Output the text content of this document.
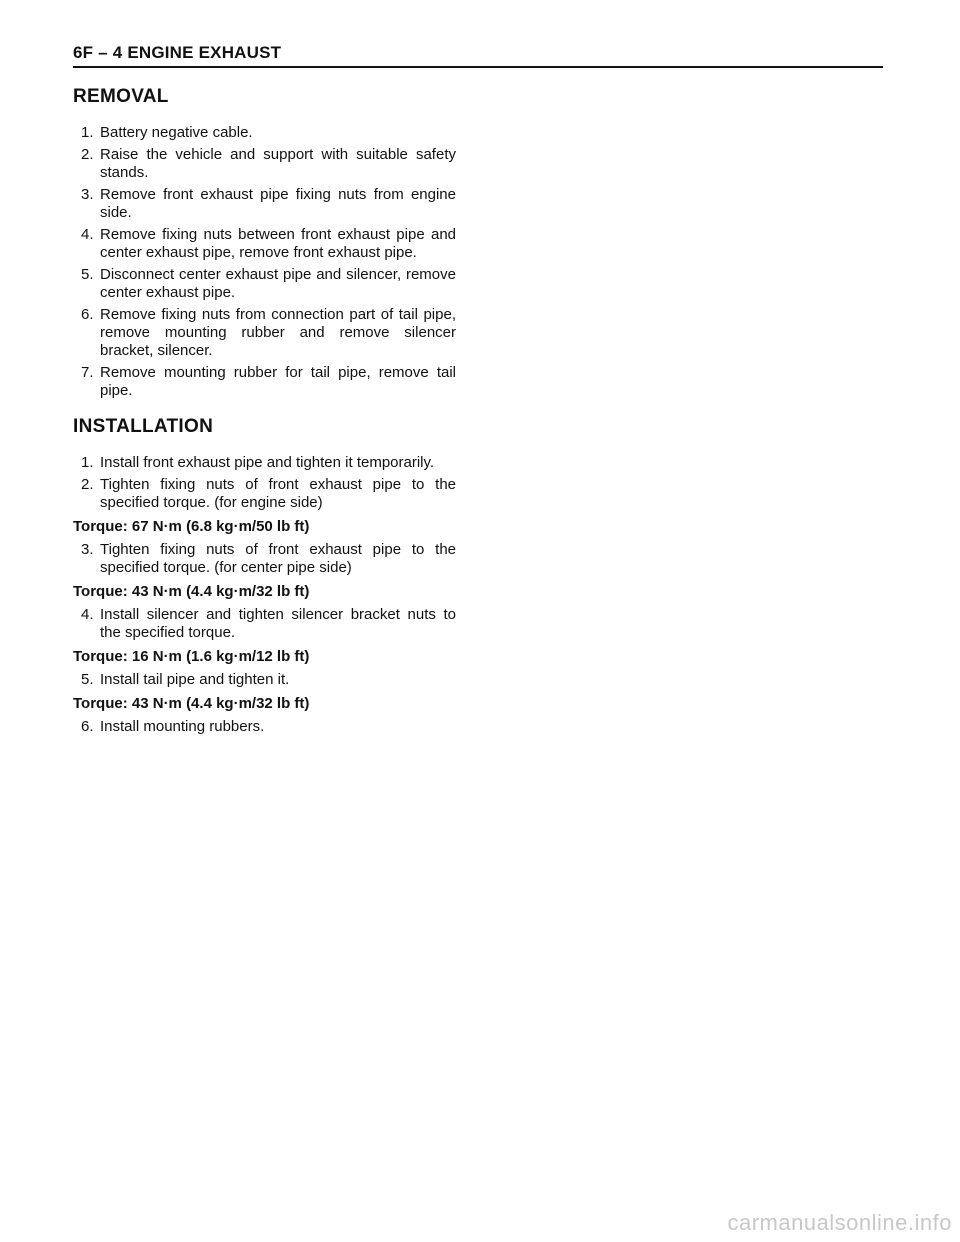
6F – 4 ENGINE EXHAUST
REMOVAL
1. Battery negative cable.
2. Raise the vehicle and support with suitable safety stands.
3. Remove front exhaust pipe fixing nuts from engine side.
4. Remove fixing nuts between front exhaust pipe and center exhaust pipe, remove front exhaust pipe.
5. Disconnect center exhaust pipe and silencer, remove center exhaust pipe.
6. Remove fixing nuts from connection part of tail pipe, remove mounting rubber and remove silencer bracket, silencer.
7. Remove mounting rubber for tail pipe, remove tail pipe.
INSTALLATION
1. Install front exhaust pipe and tighten it temporarily.
2. Tighten fixing nuts of front exhaust pipe to the specified torque. (for engine side)
Torque: 67 N·m (6.8 kg·m/50 lb ft)
3. Tighten fixing nuts of front exhaust pipe to the specified torque. (for center pipe side)
Torque: 43 N·m (4.4 kg·m/32 lb ft)
4. Install silencer and tighten silencer bracket nuts to the specified torque.
Torque: 16 N·m (1.6 kg·m/12 lb ft)
5. Install tail pipe and tighten it.
Torque: 43 N·m (4.4 kg·m/32 lb ft)
6. Install mounting rubbers.
carmanualsonline.info
